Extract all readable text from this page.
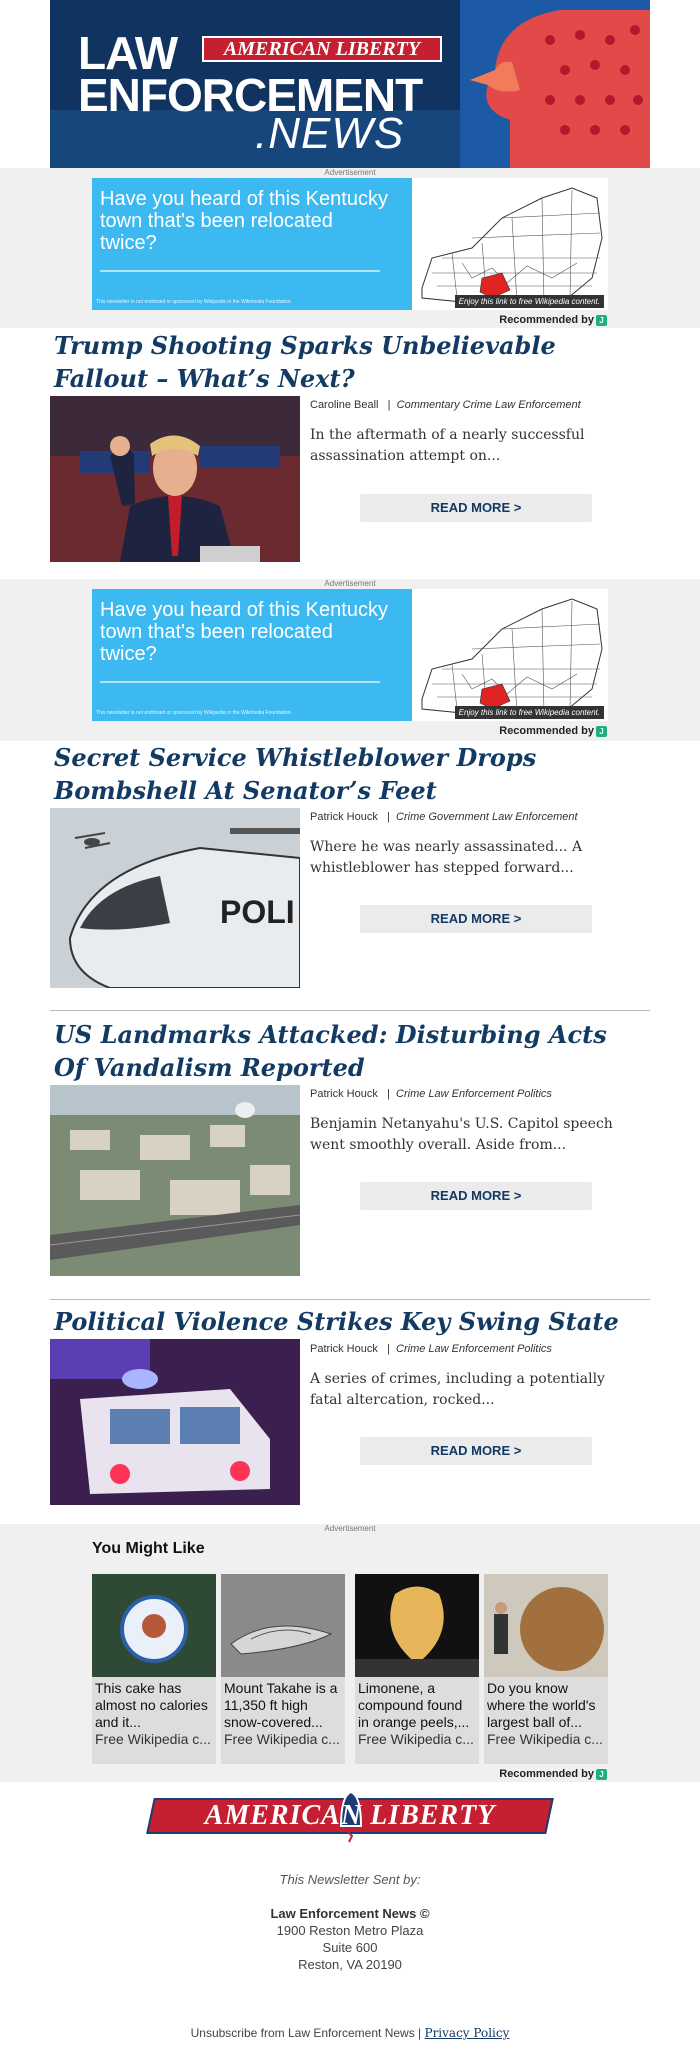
LAW	AMERICAN LIBERTY
ENFORCEMENT
.NEWS
Advertisement
Have you heard of this Kentucky town that's been relocated twice?
This newsletter is not endorsed or sponsored by Wikipedia or the Wikimedia Foundation.	Enjoy this link to free Wikipedia content.
Recommended by J
Trump Shooting Sparks Unbelievable Fallout – What’s Next?
Caroline Beall | Commentary Crime Law Enforcement
In the aftermath of a nearly successful assassination attempt on...
READ MORE >
Advertisement
Have you heard of this Kentucky town that's been relocated twice?
This newsletter is not endorsed or sponsored by Wikipedia or the Wikimedia Foundation.	Enjoy this link to free Wikipedia content.
Recommended by J
Secret Service Whistleblower Drops Bombshell At Senator’s Feet
POLI
Patrick Houck | Crime Government Law Enforcement
Where he was nearly assassinated... A whistleblower has stepped forward...
READ MORE >
US Landmarks Attacked: Disturbing Acts Of Vandalism Reported
Patrick Houck | Crime Law Enforcement Politics
Benjamin Netanyahu's U.S. Capitol speech went smoothly overall. Aside from...
READ MORE >
Political Violence Strikes Key Swing State
Patrick Houck | Crime Law Enforcement Politics
A series of crimes, including a potentially fatal altercation, rocked...
READ MORE >
Advertisement
You Might Like
This cake has almost no calories and it...
Free Wikipedia c...
Mount Takahe is a 11,350 ft high snow-covered...
Free Wikipedia c...
Limonene, a compound found in orange peels,...
Free Wikipedia c...
Do you know where the world's largest ball of...
Free Wikipedia c...
Recommended by J
AMERICAN LIBERTY
This Newsletter Sent by:
Law Enforcement News ©
1900 Reston Metro Plaza
Suite 600
Reston, VA 20190
Unsubscribe from Law Enforcement News | Privacy Policy
